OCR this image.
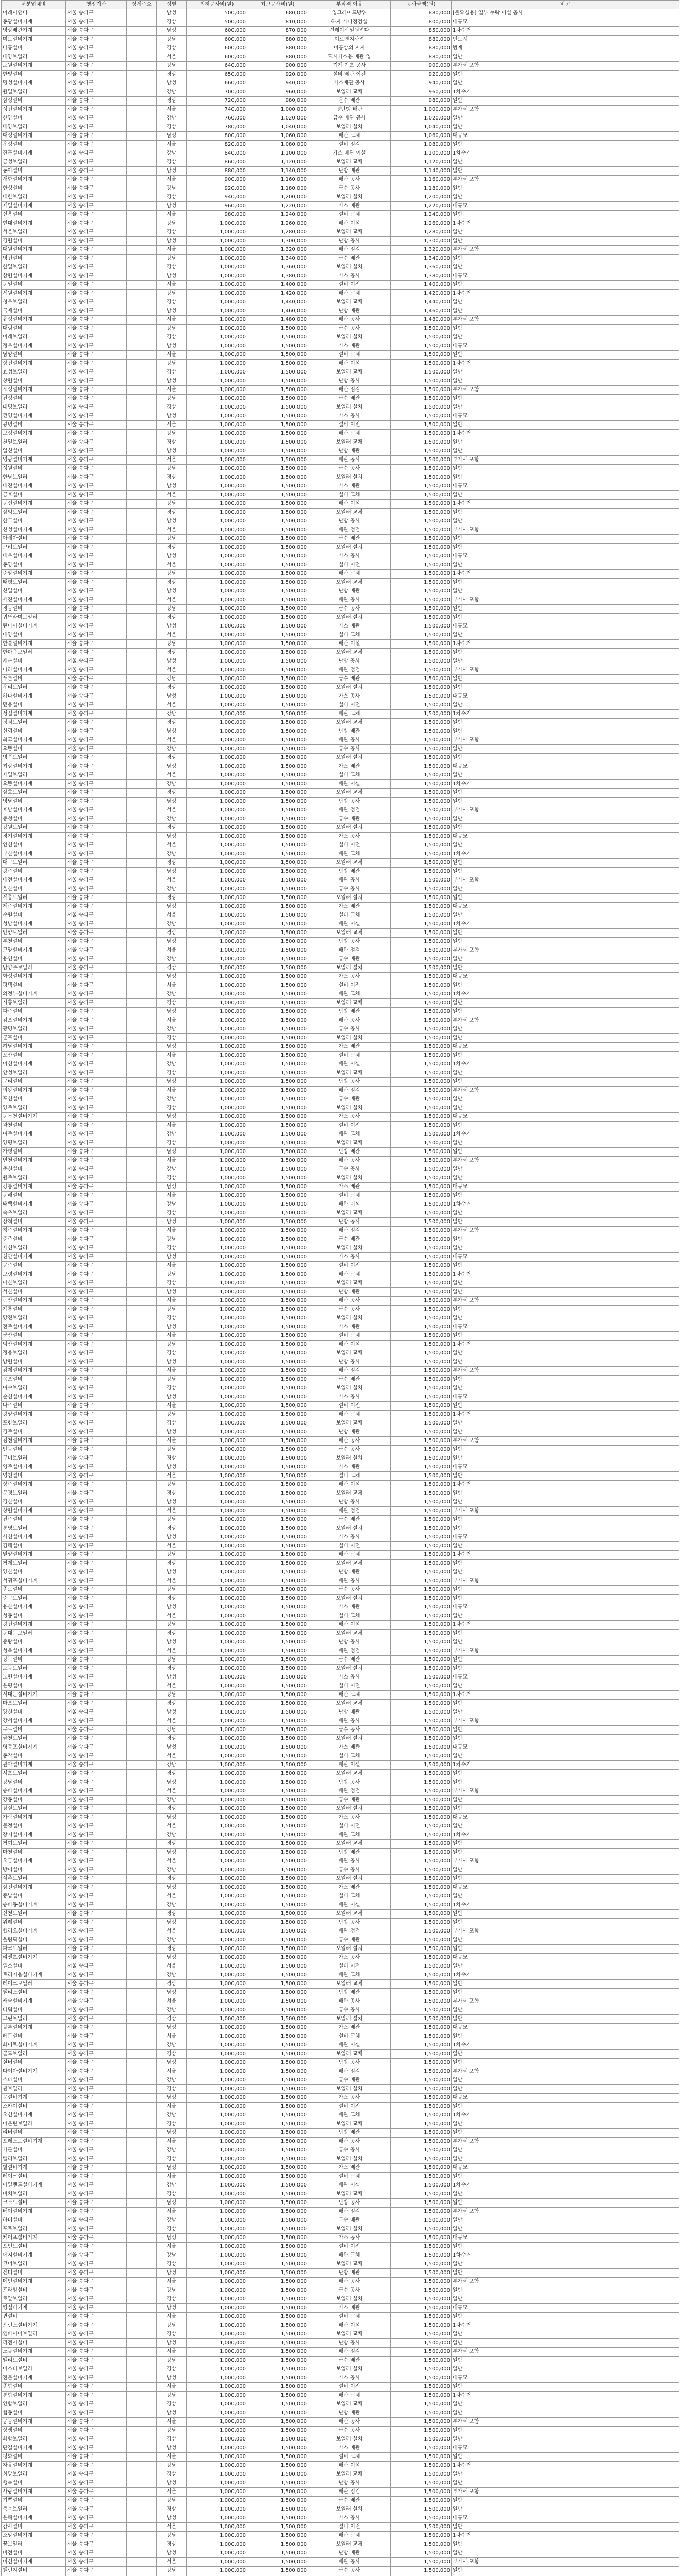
처분업체명	행정기관	상세주소	성별	최저공사비(원)	최고공사비(원)	부적격 이유	공사금액(원)	비고
이레이앤디	서울 송파구		남성	500,000	680,000	업그레이드방위	880,000	[불확실용] 일부 누락 이설 공사
동광설비기계	서울 송파구		경상	500,000	810,000	하자 가나점검설	800,000	대규모
영상배관기계	서울 송파구		남성	600,000	870,000	컨레이시일원업다	850,000	1차수거
미도설비기계	서울 송파구		강남	600,000	880,000	이르엔지사업	880,000	인도시
다흥설비	서울 송파구		경상	600,000	880,000	미공상의 저지	880,000	범계
대양보일러	서울 송파구		서울	600,000	880,000	도시가스용 배관 업	880,000	일반
도원설비기계	서울 송파구		강남	640,000	900,000	기계 기초 공사	900,000	부가세 포함
한빛설비	서울 송파구		경상	650,000	920,000	설비 배관 이전	920,000	일반
명성설비기계	서울 송파구		남성	660,000	940,000	가스배관 공사	940,000	일반
원일보일러	서울 송파구		강남	700,000	960,000	보일러 교체	960,000	1차수거
삼성설비	서울 송파구		경상	720,000	980,000	온수 배관	980,000	일반
성진설비기계	서울 송파구		서울	740,000	1,000,000	냉난방 배관	1,000,000	부가세 포함
한양설비	서울 송파구		강남	760,000	1,020,000	급수 배관 공사	1,020,000	일반
태양보일러	서울 송파구		경상	780,000	1,040,000	보일러 설치	1,040,000	일반
대성설비기계	서울 송파구		남성	800,000	1,060,000	배관 교체	1,060,000	대규모
우성설비	서울 송파구		서울	820,000	1,080,000	설비 점검	1,080,000	일반
진흥설비기계	서울 송파구		강남	840,000	1,100,000	가스 배관 이설	1,100,000	1차수거
금성보일러	서울 송파구		경상	860,000	1,120,000	보일러 교체	1,120,000	일반
동아설비	서울 송파구		남성	880,000	1,140,000	난방 배관	1,140,000	일반
새한설비기계	서울 송파구		서울	900,000	1,160,000	배관 공사	1,160,000	부가세 포함
한성설비	서울 송파구		강남	920,000	1,180,000	급수 공사	1,180,000	일반
대한보일러	서울 송파구		경상	940,000	1,200,000	보일러 설치	1,200,000	일반
제일설비기계	서울 송파구		남성	960,000	1,220,000	가스 배관	1,220,000	대규모
신흥설비	서울 송파구		서울	980,000	1,240,000	설비 교체	1,240,000	일반
현대설비기계	서울 송파구		강남	1,000,000	1,260,000	배관 이설	1,260,000	1차수거
서울보일러	서울 송파구		경상	1,000,000	1,280,000	보일러 교체	1,280,000	일반
경원설비	서울 송파구		남성	1,000,000	1,300,000	난방 공사	1,300,000	일반
대원설비기계	서울 송파구		서울	1,000,000	1,320,000	배관 점검	1,320,000	부가세 포함
영진설비	서울 송파구		강남	1,000,000	1,340,000	급수 배관	1,340,000	일반
한일보일러	서울 송파구		경상	1,000,000	1,360,000	보일러 설치	1,360,000	일반
삼원설비기계	서울 송파구		남성	1,000,000	1,380,000	가스 공사	1,380,000	대규모
동일설비	서울 송파구		서울	1,000,000	1,400,000	설비 이전	1,400,000	일반
세원설비기계	서울 송파구		강남	1,000,000	1,420,000	배관 교체	1,420,000	1차수거
청우보일러	서울 송파구		경상	1,000,000	1,440,000	보일러 교체	1,440,000	일반
국제설비	서울 송파구		남성	1,000,000	1,460,000	난방 배관	1,460,000	일반
유성설비기계	서울 송파구		서울	1,000,000	1,480,000	배관 공사	1,480,000	부가세 포함
대림설비	서울 송파구		강남	1,000,000	1,500,000	급수 공사	1,500,000	일반
미래보일러	서울 송파구		경상	1,000,000	1,500,000	보일러 설치	1,500,000	일반
정우설비기계	서울 송파구		남성	1,000,000	1,500,000	가스 배관	1,500,000	대규모
남양설비	서울 송파구		서울	1,000,000	1,500,000	설비 교체	1,500,000	일반
상진설비기계	서울 송파구		강남	1,000,000	1,500,000	배관 이설	1,500,000	1차수거
효성보일러	서울 송파구		경상	1,000,000	1,500,000	보일러 교체	1,500,000	일반
창원설비	서울 송파구		남성	1,000,000	1,500,000	난방 공사	1,500,000	일반
오성설비기계	서울 송파구		서울	1,000,000	1,500,000	배관 점검	1,500,000	부가세 포함
진성설비	서울 송파구		강남	1,000,000	1,500,000	급수 배관	1,500,000	일반
대명보일러	서울 송파구		경상	1,000,000	1,500,000	보일러 설치	1,500,000	일반
건영설비기계	서울 송파구		남성	1,000,000	1,500,000	가스 공사	1,500,000	대규모
광명설비	서울 송파구		서울	1,000,000	1,500,000	설비 이전	1,500,000	일반
보성설비기계	서울 송파구		강남	1,000,000	1,500,000	배관 교체	1,500,000	1차수거
천일보일러	서울 송파구		경상	1,000,000	1,500,000	보일러 교체	1,500,000	일반
일신설비	서울 송파구		남성	1,000,000	1,500,000	난방 배관	1,500,000	일반
영광설비기계	서울 송파구		서울	1,000,000	1,500,000	배관 공사	1,500,000	부가세 포함
성원설비	서울 송파구		강남	1,000,000	1,500,000	급수 공사	1,500,000	일반
한남보일러	서울 송파구		경상	1,000,000	1,500,000	보일러 설치	1,500,000	일반
대진설비기계	서울 송파구		남성	1,000,000	1,500,000	가스 배관	1,500,000	대규모
금호설비	서울 송파구		서울	1,000,000	1,500,000	설비 교체	1,500,000	일반
동신설비기계	서울 송파구		강남	1,000,000	1,500,000	배관 이설	1,500,000	1차수거
삼익보일러	서울 송파구		경상	1,000,000	1,500,000	보일러 교체	1,500,000	일반
한국설비	서울 송파구		남성	1,000,000	1,500,000	난방 공사	1,500,000	일반
신성설비기계	서울 송파구		서울	1,000,000	1,500,000	배관 점검	1,500,000	부가세 포함
아세아설비	서울 송파구		강남	1,000,000	1,500,000	급수 배관	1,500,000	일반
고려보일러	서울 송파구		경상	1,000,000	1,500,000	보일러 설치	1,500,000	일반
대우설비기계	서울 송파구		남성	1,000,000	1,500,000	가스 공사	1,500,000	대규모
동양설비	서울 송파구		서울	1,000,000	1,500,000	설비 이전	1,500,000	일반
중앙설비기계	서울 송파구		강남	1,000,000	1,500,000	배관 교체	1,500,000	1차수거
태평보일러	서울 송파구		경상	1,000,000	1,500,000	보일러 교체	1,500,000	일반
신일설비	서울 송파구		남성	1,000,000	1,500,000	난방 배관	1,500,000	일반
세진설비기계	서울 송파구		서울	1,000,000	1,500,000	배관 공사	1,500,000	부가세 포함
경동설비	서울 송파구		강남	1,000,000	1,500,000	급수 공사	1,500,000	일반
귀뚜라미보일러	서울 송파구		경상	1,000,000	1,500,000	보일러 설치	1,500,000	일반
린나이설비기계	서울 송파구		남성	1,000,000	1,500,000	가스 배관	1,500,000	대규모
대양설비	서울 송파구		서울	1,000,000	1,500,000	설비 교체	1,500,000	일반
한솔설비기계	서울 송파구		강남	1,000,000	1,500,000	배관 이설	1,500,000	1차수거
한마음보일러	서울 송파구		경상	1,000,000	1,500,000	보일러 교체	1,500,000	일반
새롬설비	서울 송파구		남성	1,000,000	1,500,000	난방 공사	1,500,000	일반
나라설비기계	서울 송파구		서울	1,000,000	1,500,000	배관 점검	1,500,000	부가세 포함
푸른설비	서울 송파구		강남	1,000,000	1,500,000	급수 배관	1,500,000	일반
우리보일러	서울 송파구		경상	1,000,000	1,500,000	보일러 설치	1,500,000	일반
하나설비기계	서울 송파구		남성	1,000,000	1,500,000	가스 공사	1,500,000	대규모
믿음설비	서울 송파구		서울	1,000,000	1,500,000	설비 이전	1,500,000	일반
성실설비기계	서울 송파구		강남	1,000,000	1,500,000	배관 교체	1,500,000	1차수거
정직보일러	서울 송파구		경상	1,000,000	1,500,000	보일러 교체	1,500,000	일반
신뢰설비	서울 송파구		남성	1,000,000	1,500,000	난방 배관	1,500,000	일반
최고설비기계	서울 송파구		서울	1,000,000	1,500,000	배관 공사	1,500,000	부가세 포함
으뜸설비	서울 송파구		강남	1,000,000	1,500,000	급수 공사	1,500,000	일반
명품보일러	서울 송파구		경상	1,000,000	1,500,000	보일러 설치	1,500,000	일반
최상설비기계	서울 송파구		남성	1,000,000	1,500,000	가스 배관	1,500,000	대규모
제일보일러	서울 송파구		서울	1,000,000	1,500,000	설비 교체	1,500,000	일반
으뜸설비기계	서울 송파구		강남	1,000,000	1,500,000	배관 이설	1,500,000	1차수거
삼호보일러	서울 송파구		경상	1,000,000	1,500,000	보일러 교체	1,500,000	일반
영남설비	서울 송파구		남성	1,000,000	1,500,000	난방 공사	1,500,000	일반
호남설비기계	서울 송파구		서울	1,000,000	1,500,000	배관 점검	1,500,000	부가세 포함
충청설비	서울 송파구		강남	1,000,000	1,500,000	급수 배관	1,500,000	일반
강원보일러	서울 송파구		경상	1,000,000	1,500,000	보일러 설치	1,500,000	일반
경기설비기계	서울 송파구		남성	1,000,000	1,500,000	가스 공사	1,500,000	대규모
인천설비	서울 송파구		서울	1,000,000	1,500,000	설비 이전	1,500,000	일반
부산설비기계	서울 송파구		강남	1,000,000	1,500,000	배관 교체	1,500,000	1차수거
대구보일러	서울 송파구		경상	1,000,000	1,500,000	보일러 교체	1,500,000	일반
광주설비	서울 송파구		남성	1,000,000	1,500,000	난방 배관	1,500,000	일반
대전설비기계	서울 송파구		서울	1,000,000	1,500,000	배관 공사	1,500,000	부가세 포함
울산설비	서울 송파구		강남	1,000,000	1,500,000	급수 공사	1,500,000	일반
세종보일러	서울 송파구		경상	1,000,000	1,500,000	보일러 설치	1,500,000	일반
제주설비기계	서울 송파구		남성	1,000,000	1,500,000	가스 배관	1,500,000	대규모
수원설비	서울 송파구		서울	1,000,000	1,500,000	설비 교체	1,500,000	일반
성남설비기계	서울 송파구		강남	1,000,000	1,500,000	배관 이설	1,500,000	1차수거
안양보일러	서울 송파구		경상	1,000,000	1,500,000	보일러 교체	1,500,000	일반
부천설비	서울 송파구		남성	1,000,000	1,500,000	난방 공사	1,500,000	일반
고양설비기계	서울 송파구		서울	1,000,000	1,500,000	배관 점검	1,500,000	부가세 포함
용인설비	서울 송파구		강남	1,000,000	1,500,000	급수 배관	1,500,000	일반
남양주보일러	서울 송파구		경상	1,000,000	1,500,000	보일러 설치	1,500,000	일반
화성설비기계	서울 송파구		남성	1,000,000	1,500,000	가스 공사	1,500,000	대규모
평택설비	서울 송파구		서울	1,000,000	1,500,000	설비 이전	1,500,000	일반
의정부설비기계	서울 송파구		강남	1,000,000	1,500,000	배관 교체	1,500,000	1차수거
시흥보일러	서울 송파구		경상	1,000,000	1,500,000	보일러 교체	1,500,000	일반
파주설비	서울 송파구		남성	1,000,000	1,500,000	난방 배관	1,500,000	일반
김포설비기계	서울 송파구		서울	1,000,000	1,500,000	배관 공사	1,500,000	부가세 포함
광명보일러	서울 송파구		강남	1,000,000	1,500,000	급수 공사	1,500,000	일반
군포설비	서울 송파구		경상	1,000,000	1,500,000	보일러 설치	1,500,000	일반
하남설비기계	서울 송파구		남성	1,000,000	1,500,000	가스 배관	1,500,000	대규모
오산설비	서울 송파구		서울	1,000,000	1,500,000	설비 교체	1,500,000	일반
이천설비기계	서울 송파구		강남	1,000,000	1,500,000	배관 이설	1,500,000	1차수거
안성보일러	서울 송파구		경상	1,000,000	1,500,000	보일러 교체	1,500,000	일반
구리설비	서울 송파구		남성	1,000,000	1,500,000	난방 공사	1,500,000	일반
의왕설비기계	서울 송파구		서울	1,000,000	1,500,000	배관 점검	1,500,000	부가세 포함
포천설비	서울 송파구		강남	1,000,000	1,500,000	급수 배관	1,500,000	일반
양주보일러	서울 송파구		경상	1,000,000	1,500,000	보일러 설치	1,500,000	일반
동두천설비기계	서울 송파구		남성	1,000,000	1,500,000	가스 공사	1,500,000	대규모
과천설비	서울 송파구		서울	1,000,000	1,500,000	설비 이전	1,500,000	일반
여주설비기계	서울 송파구		강남	1,000,000	1,500,000	배관 교체	1,500,000	1차수거
양평보일러	서울 송파구		경상	1,000,000	1,500,000	보일러 교체	1,500,000	일반
가평설비	서울 송파구		남성	1,000,000	1,500,000	난방 배관	1,500,000	일반
연천설비기계	서울 송파구		서울	1,000,000	1,500,000	배관 공사	1,500,000	부가세 포함
춘천설비	서울 송파구		강남	1,000,000	1,500,000	급수 공사	1,500,000	일반
원주보일러	서울 송파구		경상	1,000,000	1,500,000	보일러 설치	1,500,000	일반
강릉설비기계	서울 송파구		남성	1,000,000	1,500,000	가스 배관	1,500,000	대규모
동해설비	서울 송파구		서울	1,000,000	1,500,000	설비 교체	1,500,000	일반
태백설비기계	서울 송파구		강남	1,000,000	1,500,000	배관 이설	1,500,000	1차수거
속초보일러	서울 송파구		경상	1,000,000	1,500,000	보일러 교체	1,500,000	일반
삼척설비	서울 송파구		남성	1,000,000	1,500,000	난방 공사	1,500,000	일반
청주설비기계	서울 송파구		서울	1,000,000	1,500,000	배관 점검	1,500,000	부가세 포함
충주설비	서울 송파구		강남	1,000,000	1,500,000	급수 배관	1,500,000	일반
제천보일러	서울 송파구		경상	1,000,000	1,500,000	보일러 설치	1,500,000	일반
천안설비기계	서울 송파구		남성	1,000,000	1,500,000	가스 공사	1,500,000	대규모
공주설비	서울 송파구		서울	1,000,000	1,500,000	설비 이전	1,500,000	일반
보령설비기계	서울 송파구		강남	1,000,000	1,500,000	배관 교체	1,500,000	1차수거
아산보일러	서울 송파구		경상	1,000,000	1,500,000	보일러 교체	1,500,000	일반
서산설비	서울 송파구		남성	1,000,000	1,500,000	난방 배관	1,500,000	일반
논산설비기계	서울 송파구		서울	1,000,000	1,500,000	배관 공사	1,500,000	부가세 포함
계룡설비	서울 송파구		강남	1,000,000	1,500,000	급수 공사	1,500,000	일반
당진보일러	서울 송파구		경상	1,000,000	1,500,000	보일러 설치	1,500,000	일반
전주설비기계	서울 송파구		남성	1,000,000	1,500,000	가스 배관	1,500,000	대규모
군산설비	서울 송파구		서울	1,000,000	1,500,000	설비 교체	1,500,000	일반
익산설비기계	서울 송파구		강남	1,000,000	1,500,000	배관 이설	1,500,000	1차수거
정읍보일러	서울 송파구		경상	1,000,000	1,500,000	보일러 교체	1,500,000	일반
남원설비	서울 송파구		남성	1,000,000	1,500,000	난방 공사	1,500,000	일반
김제설비기계	서울 송파구		서울	1,000,000	1,500,000	배관 점검	1,500,000	부가세 포함
목포설비	서울 송파구		강남	1,000,000	1,500,000	급수 배관	1,500,000	일반
여수보일러	서울 송파구		경상	1,000,000	1,500,000	보일러 설치	1,500,000	일반
순천설비기계	서울 송파구		남성	1,000,000	1,500,000	가스 공사	1,500,000	대규모
나주설비	서울 송파구		서울	1,000,000	1,500,000	설비 이전	1,500,000	일반
광양설비기계	서울 송파구		강남	1,000,000	1,500,000	배관 교체	1,500,000	1차수거
포항보일러	서울 송파구		경상	1,000,000	1,500,000	보일러 교체	1,500,000	일반
경주설비	서울 송파구		남성	1,000,000	1,500,000	난방 배관	1,500,000	일반
김천설비기계	서울 송파구		서울	1,000,000	1,500,000	배관 공사	1,500,000	부가세 포함
안동설비	서울 송파구		강남	1,000,000	1,500,000	급수 공사	1,500,000	일반
구미보일러	서울 송파구		경상	1,000,000	1,500,000	보일러 설치	1,500,000	일반
영주설비기계	서울 송파구		남성	1,000,000	1,500,000	가스 배관	1,500,000	대규모
영천설비	서울 송파구		서울	1,000,000	1,500,000	설비 교체	1,500,000	일반
상주설비기계	서울 송파구		강남	1,000,000	1,500,000	배관 이설	1,500,000	1차수거
문경보일러	서울 송파구		경상	1,000,000	1,500,000	보일러 교체	1,500,000	일반
경산설비	서울 송파구		남성	1,000,000	1,500,000	난방 공사	1,500,000	일반
창원설비기계	서울 송파구		서울	1,000,000	1,500,000	배관 점검	1,500,000	부가세 포함
진주설비	서울 송파구		강남	1,000,000	1,500,000	급수 배관	1,500,000	일반
통영보일러	서울 송파구		경상	1,000,000	1,500,000	보일러 설치	1,500,000	일반
사천설비기계	서울 송파구		남성	1,000,000	1,500,000	가스 공사	1,500,000	대규모
김해설비	서울 송파구		서울	1,000,000	1,500,000	설비 이전	1,500,000	일반
밀양설비기계	서울 송파구		강남	1,000,000	1,500,000	배관 교체	1,500,000	1차수거
거제보일러	서울 송파구		경상	1,000,000	1,500,000	보일러 교체	1,500,000	일반
양산설비	서울 송파구		남성	1,000,000	1,500,000	난방 배관	1,500,000	일반
서귀포설비기계	서울 송파구		서울	1,000,000	1,500,000	배관 공사	1,500,000	부가세 포함
종로설비	서울 송파구		강남	1,000,000	1,500,000	급수 공사	1,500,000	일반
중구보일러	서울 송파구		경상	1,000,000	1,500,000	보일러 설치	1,500,000	일반
용산설비기계	서울 송파구		남성	1,000,000	1,500,000	가스 배관	1,500,000	대규모
성동설비	서울 송파구		서울	1,000,000	1,500,000	설비 교체	1,500,000	일반
광진설비기계	서울 송파구		강남	1,000,000	1,500,000	배관 이설	1,500,000	1차수거
동대문보일러	서울 송파구		경상	1,000,000	1,500,000	보일러 교체	1,500,000	일반
중랑설비	서울 송파구		남성	1,000,000	1,500,000	난방 공사	1,500,000	일반
성북설비기계	서울 송파구		서울	1,000,000	1,500,000	배관 점검	1,500,000	부가세 포함
강북설비	서울 송파구		강남	1,000,000	1,500,000	급수 배관	1,500,000	일반
도봉보일러	서울 송파구		경상	1,000,000	1,500,000	보일러 설치	1,500,000	일반
노원설비기계	서울 송파구		남성	1,000,000	1,500,000	가스 공사	1,500,000	대규모
은평설비	서울 송파구		서울	1,000,000	1,500,000	설비 이전	1,500,000	일반
서대문설비기계	서울 송파구		강남	1,000,000	1,500,000	배관 교체	1,500,000	1차수거
마포보일러	서울 송파구		경상	1,000,000	1,500,000	보일러 교체	1,500,000	일반
양천설비	서울 송파구		남성	1,000,000	1,500,000	난방 배관	1,500,000	일반
강서설비기계	서울 송파구		서울	1,000,000	1,500,000	배관 공사	1,500,000	부가세 포함
구로설비	서울 송파구		강남	1,000,000	1,500,000	급수 공사	1,500,000	일반
금천보일러	서울 송파구		경상	1,000,000	1,500,000	보일러 설치	1,500,000	일반
영등포설비기계	서울 송파구		남성	1,000,000	1,500,000	가스 배관	1,500,000	대규모
동작설비	서울 송파구		서울	1,000,000	1,500,000	설비 교체	1,500,000	일반
관악설비기계	서울 송파구		강남	1,000,000	1,500,000	배관 이설	1,500,000	1차수거
서초보일러	서울 송파구		경상	1,000,000	1,500,000	보일러 교체	1,500,000	일반
강남설비	서울 송파구		남성	1,000,000	1,500,000	난방 공사	1,500,000	일반
송파설비기계	서울 송파구		서울	1,000,000	1,500,000	배관 점검	1,500,000	부가세 포함
강동설비	서울 송파구		강남	1,000,000	1,500,000	급수 배관	1,500,000	일반
잠실보일러	서울 송파구		경상	1,000,000	1,500,000	보일러 설치	1,500,000	일반
가락설비기계	서울 송파구		남성	1,000,000	1,500,000	가스 공사	1,500,000	대규모
문정설비	서울 송파구		서울	1,000,000	1,500,000	설비 이전	1,500,000	일반
장지설비기계	서울 송파구		강남	1,000,000	1,500,000	배관 교체	1,500,000	1차수거
거여보일러	서울 송파구		경상	1,000,000	1,500,000	보일러 교체	1,500,000	일반
마천설비	서울 송파구		남성	1,000,000	1,500,000	난방 배관	1,500,000	일반
오금설비기계	서울 송파구		서울	1,000,000	1,500,000	배관 공사	1,500,000	부가세 포함
방이설비	서울 송파구		강남	1,000,000	1,500,000	급수 공사	1,500,000	일반
석촌보일러	서울 송파구		경상	1,000,000	1,500,000	보일러 설치	1,500,000	일반
삼전설비기계	서울 송파구		남성	1,000,000	1,500,000	가스 배관	1,500,000	대규모
풍납설비	서울 송파구		서울	1,000,000	1,500,000	설비 교체	1,500,000	일반
송파동설비기계	서울 송파구		강남	1,000,000	1,500,000	배관 이설	1,500,000	1차수거
신천보일러	서울 송파구		경상	1,000,000	1,500,000	보일러 교체	1,500,000	일반
위례설비	서울 송파구		남성	1,000,000	1,500,000	난방 공사	1,500,000	일반
헬리오설비기계	서울 송파구		서울	1,000,000	1,500,000	배관 점검	1,500,000	부가세 포함
올림픽설비	서울 송파구		강남	1,000,000	1,500,000	급수 배관	1,500,000	일반
파크보일러	서울 송파구		경상	1,000,000	1,500,000	보일러 설치	1,500,000	일반
리센츠설비기계	서울 송파구		남성	1,000,000	1,500,000	가스 공사	1,500,000	대규모
엘스설비	서울 송파구		서울	1,000,000	1,500,000	설비 이전	1,500,000	일반
트리지움설비기계	서울 송파구		강남	1,000,000	1,500,000	배관 교체	1,500,000	1차수거
레이크보일러	서울 송파구		경상	1,000,000	1,500,000	보일러 교체	1,500,000	일반
팰리스설비	서울 송파구		남성	1,000,000	1,500,000	난방 배관	1,500,000	일반
캐슬설비기계	서울 송파구		서울	1,000,000	1,500,000	배관 공사	1,500,000	부가세 포함
타워설비	서울 송파구		강남	1,000,000	1,500,000	급수 공사	1,500,000	일반
그린보일러	서울 송파구		경상	1,000,000	1,500,000	보일러 설치	1,500,000	일반
블루설비기계	서울 송파구		남성	1,000,000	1,500,000	가스 배관	1,500,000	대규모
레드설비	서울 송파구		서울	1,000,000	1,500,000	설비 교체	1,500,000	일반
화이트설비기계	서울 송파구		강남	1,000,000	1,500,000	배관 이설	1,500,000	1차수거
골드보일러	서울 송파구		경상	1,000,000	1,500,000	보일러 교체	1,500,000	일반
실버설비	서울 송파구		남성	1,000,000	1,500,000	난방 공사	1,500,000	일반
다이아설비기계	서울 송파구		서울	1,000,000	1,500,000	배관 점검	1,500,000	부가세 포함
스타설비	서울 송파구		강남	1,000,000	1,500,000	급수 배관	1,500,000	일반
썬보일러	서울 송파구		경상	1,000,000	1,500,000	보일러 설치	1,500,000	일반
문설비기계	서울 송파구		남성	1,000,000	1,500,000	가스 공사	1,500,000	대규모
스카이설비	서울 송파구		서울	1,000,000	1,500,000	설비 이전	1,500,000	일반
오션설비기계	서울 송파구		강남	1,000,000	1,500,000	배관 교체	1,500,000	1차수거
마운틴보일러	서울 송파구		경상	1,000,000	1,500,000	보일러 교체	1,500,000	일반
리버설비	서울 송파구		남성	1,000,000	1,500,000	난방 배관	1,500,000	일반
포레스트설비기계	서울 송파구		서울	1,000,000	1,500,000	배관 공사	1,500,000	부가세 포함
가든설비	서울 송파구		강남	1,000,000	1,500,000	급수 공사	1,500,000	일반
밸리보일러	서울 송파구		경상	1,000,000	1,500,000	보일러 설치	1,500,000	일반
힐설비기계	서울 송파구		남성	1,000,000	1,500,000	가스 배관	1,500,000	대규모
레이크설비	서울 송파구		서울	1,000,000	1,500,000	설비 교체	1,500,000	일반
아일랜드설비기계	서울 송파구		강남	1,000,000	1,500,000	배관 이설	1,500,000	1차수거
비치보일러	서울 송파구		경상	1,000,000	1,500,000	보일러 교체	1,500,000	일반
코스트설비	서울 송파구		남성	1,000,000	1,500,000	난방 공사	1,500,000	일반
베이설비기계	서울 송파구		서울	1,000,000	1,500,000	배관 점검	1,500,000	부가세 포함
하버설비	서울 송파구		강남	1,000,000	1,500,000	급수 배관	1,500,000	일반
포트보일러	서울 송파구		경상	1,000,000	1,500,000	보일러 설치	1,500,000	일반
케이프설비기계	서울 송파구		남성	1,000,000	1,500,000	가스 공사	1,500,000	대규모
포인트설비	서울 송파구		서울	1,000,000	1,500,000	설비 이전	1,500,000	일반
에지설비기계	서울 송파구		강남	1,000,000	1,500,000	배관 교체	1,500,000	1차수거
코너보일러	서울 송파구		경상	1,000,000	1,500,000	보일러 교체	1,500,000	일반
센터설비	서울 송파구		남성	1,000,000	1,500,000	난방 배관	1,500,000	일반
메인설비기계	서울 송파구		서울	1,000,000	1,500,000	배관 공사	1,500,000	부가세 포함
프라임설비	서울 송파구		강남	1,000,000	1,500,000	급수 공사	1,500,000	일반
로얄보일러	서울 송파구		경상	1,000,000	1,500,000	보일러 설치	1,500,000	일반
킹설비기계	서울 송파구		남성	1,000,000	1,500,000	가스 배관	1,500,000	대규모
퀸설비	서울 송파구		서울	1,000,000	1,500,000	설비 교체	1,500,000	일반
프린스설비기계	서울 송파구		강남	1,000,000	1,500,000	배관 이설	1,500,000	1차수거
엠파이어보일러	서울 송파구		경상	1,000,000	1,500,000	보일러 교체	1,500,000	일반
리젠시설비	서울 송파구		남성	1,000,000	1,500,000	난방 공사	1,500,000	일반
노블설비기계	서울 송파구		서울	1,000,000	1,500,000	배관 점검	1,500,000	부가세 포함
엘리트설비	서울 송파구		강남	1,000,000	1,500,000	급수 배관	1,500,000	일반
마스터보일러	서울 송파구		경상	1,000,000	1,500,000	보일러 설치	1,500,000	일반
전문설비기계	서울 송파구		남성	1,000,000	1,500,000	가스 공사	1,500,000	대규모
종합설비	서울 송파구		서울	1,000,000	1,500,000	설비 이전	1,500,000	일반
통합설비기계	서울 송파구		강남	1,000,000	1,500,000	배관 교체	1,500,000	1차수거
연합보일러	서울 송파구		경상	1,000,000	1,500,000	보일러 교체	1,500,000	일반
협동설비	서울 송파구		남성	1,000,000	1,500,000	난방 배관	1,500,000	일반
공동설비기계	서울 송파구		서울	1,000,000	1,500,000	배관 공사	1,500,000	부가세 포함
상생설비	서울 송파구		강남	1,000,000	1,500,000	급수 공사	1,500,000	일반
화합보일러	서울 송파구		경상	1,000,000	1,500,000	보일러 설치	1,500,000	일반
단결설비기계	서울 송파구		남성	1,000,000	1,500,000	가스 배관	1,500,000	대규모
평화설비	서울 송파구		서울	1,000,000	1,500,000	설비 교체	1,500,000	일반
자유설비기계	서울 송파구		강남	1,000,000	1,500,000	배관 이설	1,500,000	1차수거
희망보일러	서울 송파구		경상	1,000,000	1,500,000	보일러 교체	1,500,000	일반
행복설비	서울 송파구		남성	1,000,000	1,500,000	난방 공사	1,500,000	일반
사랑설비기계	서울 송파구		서울	1,000,000	1,500,000	배관 점검	1,500,000	부가세 포함
기쁨설비	서울 송파구		강남	1,000,000	1,500,000	급수 배관	1,500,000	일반
축복보일러	서울 송파구		경상	1,000,000	1,500,000	보일러 설치	1,500,000	일반
은혜설비기계	서울 송파구		남성	1,000,000	1,500,000	가스 공사	1,500,000	대규모
감사설비	서울 송파구		서울	1,000,000	1,500,000	설비 이전	1,500,000	일반
소망설비기계	서울 송파구		강남	1,000,000	1,500,000	배관 교체	1,500,000	1차수거
꿈보일러	서울 송파구		경상	1,000,000	1,500,000	보일러 교체	1,500,000	일반
비전설비	서울 송파구		남성	1,000,000	1,500,000	난방 배관	1,500,000	일반
미션설비기계	서울 송파구		서울	1,000,000	1,500,000	배관 공사	1,500,000	부가세 포함
챌린지설비	서울 송파구		강남	1,000,000	1,500,000	급수 공사	1,500,000	일반
